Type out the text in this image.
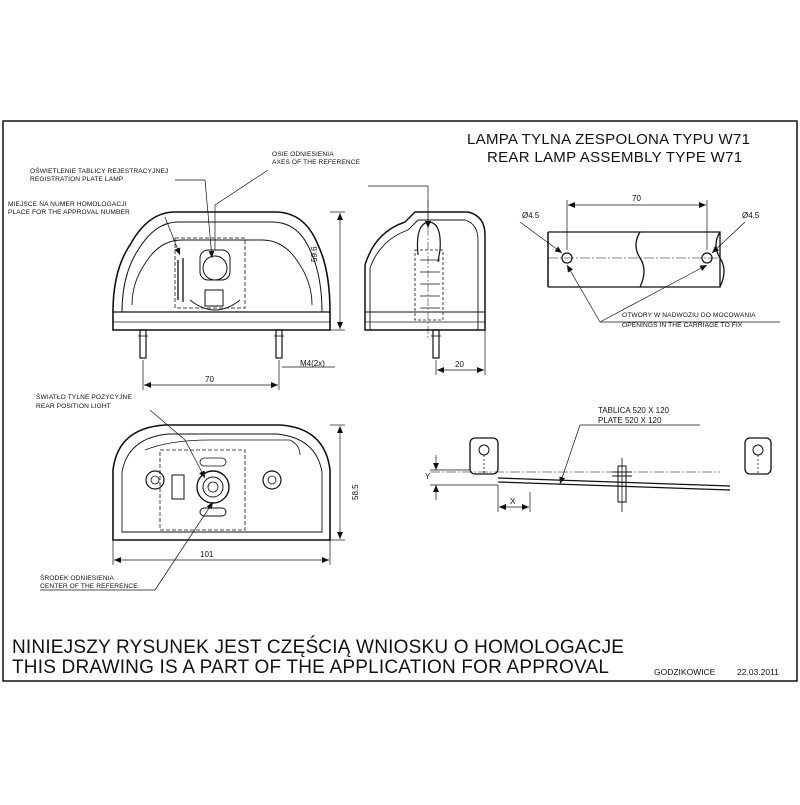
LAMPA TYLNA ZESPOLONA TYPU W71
REAR LAMP ASSEMBLY TYPE W71
OŚWIETLENIE TABLICY REJESTRACYJNEJ
REGISTRATION PLATE LAMP
MIEJSCE NA NUMER HOMOLOGACJI
PLACE FOR THE APPROVAL NUMBER
OSIE ODNIESIENIA
AXES OF THE REFERENCE
59.6
70
M4(2x)	20
70
Ø4.5	Ø4.5
OTWORY W NADWOZIU DO MOCOWANIA
OPENINGS IN THE CARRIAGE TO FIX
ŚWIATŁO TYLNE POZYCYJNE
REAR POSITION LIGHT
58.5
101
ŚRODEK ODNIESIENIA
CENTER OF THE REFERENCE
TABLICA 520 X 120
PLATE 520 X 120
Y
X
NINIEJSZY RYSUNEK JEST CZĘŚCIĄ WNIOSKU O HOMOLOGACJE
THIS DRAWING IS A PART OF THE APPLICATION FOR APPROVAL	GODZIKOWICE	22.03.2011
